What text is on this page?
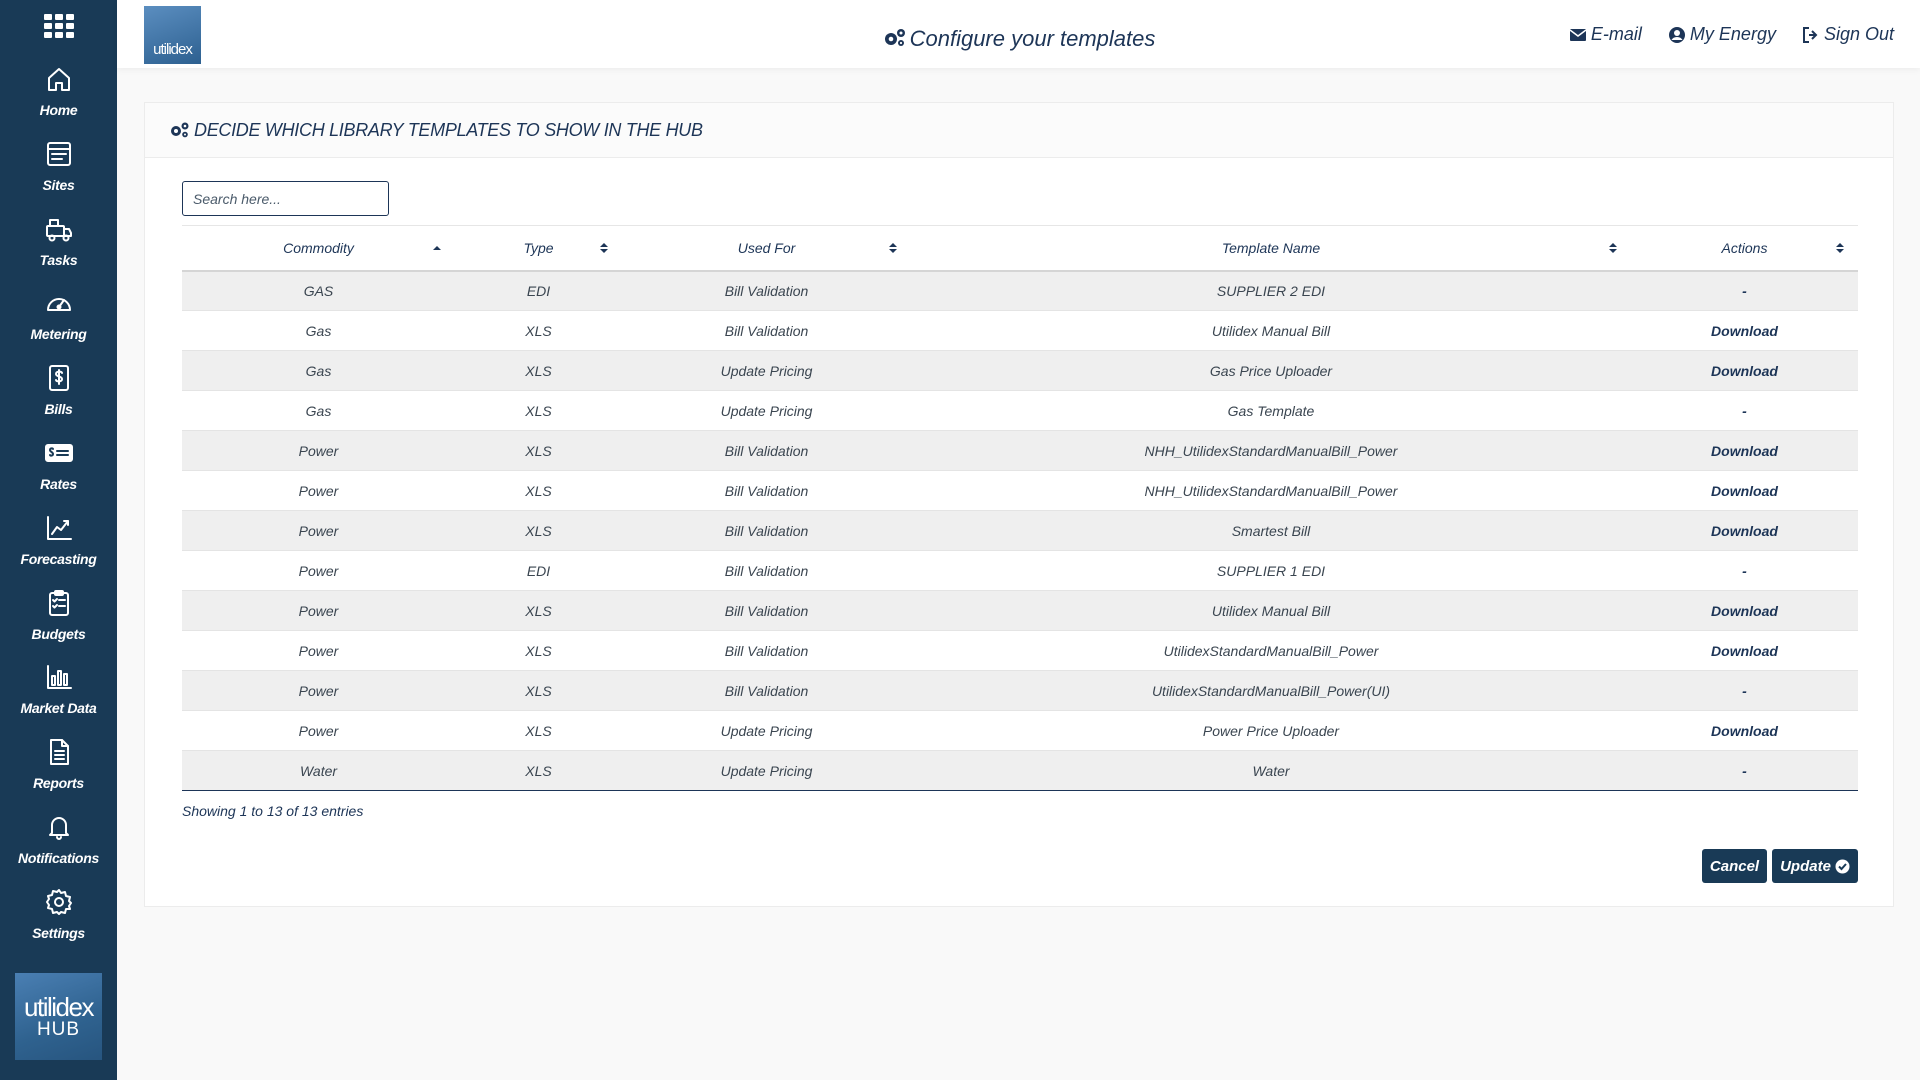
Home
Sites
Tasks
Metering
Bills
Rates
Forecasting
Budgets
Market Data
Reports
Notifications
Settings
utilidex
HUB
utilidex	Configure your templates	E-mail	My Energy	Sign Out
DECIDE WHICH LIBRARY TEMPLATES TO SHOW IN THE HUB
Search here...
Commodity	Type	Used For	Template Name	Actions

GAS	EDI	Bill Validation	SUPPLIER 2 EDI	-
Gas	XLS	Bill Validation	Utilidex Manual Bill	Download
Gas	XLS	Update Pricing	Gas Price Uploader	Download
Gas	XLS	Update Pricing	Gas Template	-
Power	XLS	Bill Validation	NHH_UtilidexStandardManualBill_Power	Download
Power	XLS	Bill Validation	NHH_UtilidexStandardManualBill_Power	Download
Power	XLS	Bill Validation	Smartest Bill	Download
Power	EDI	Bill Validation	SUPPLIER 1 EDI	-
Power	XLS	Bill Validation	Utilidex Manual Bill	Download
Power	XLS	Bill Validation	UtilidexStandardManualBill_Power	Download
Power	XLS	Bill Validation	UtilidexStandardManualBill_Power(UI)	-
Power	XLS	Update Pricing	Power Price Uploader	Download
Water	XLS	Update Pricing	Water	-
Showing 1 to 13 of 13 entries
Cancel Update
